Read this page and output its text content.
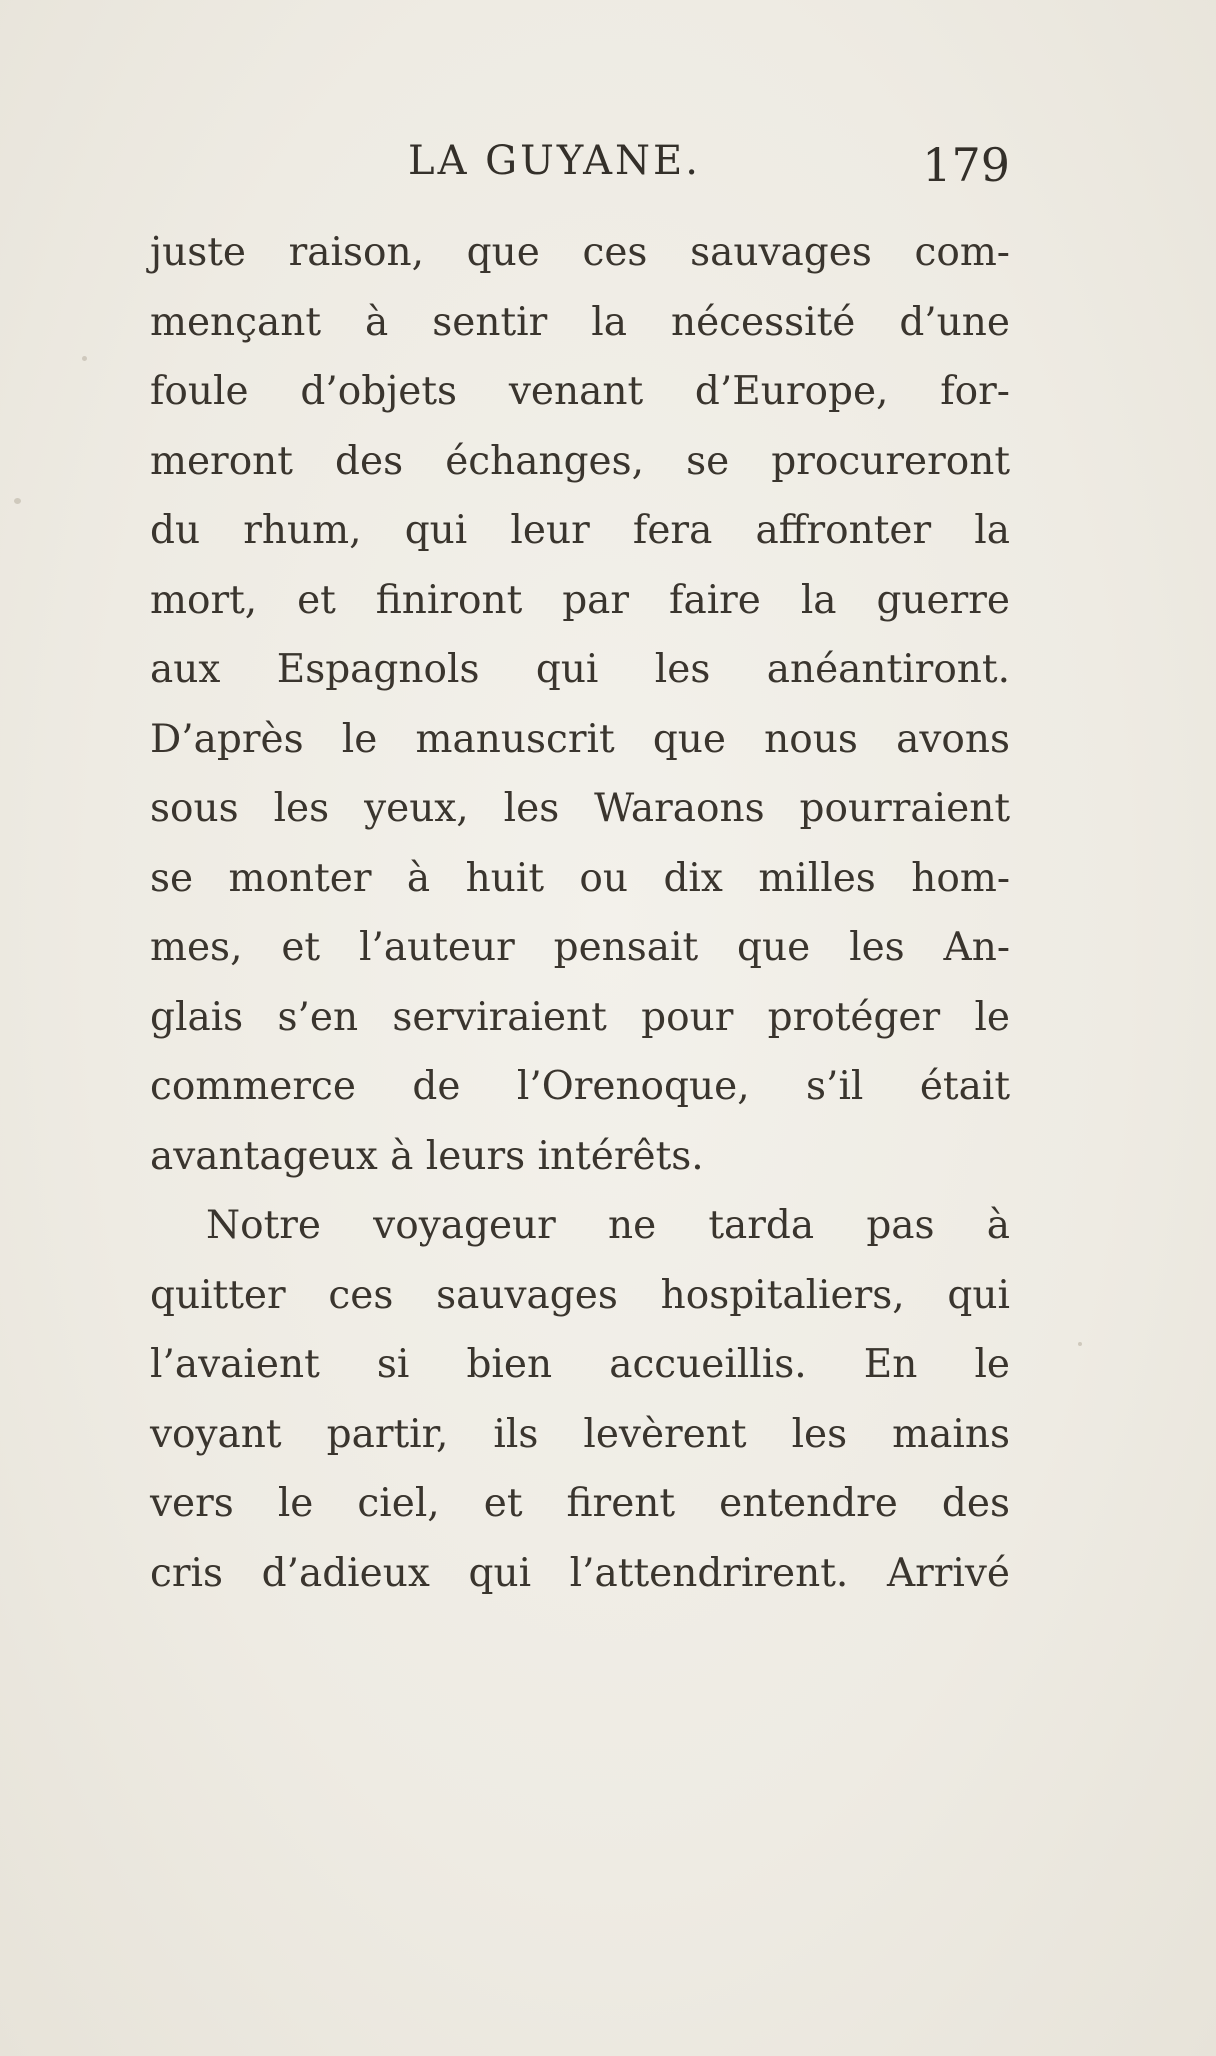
LA GUYANE.	179
juste raison, que ces sauvages com-
mençant à sentir la nécessité d’une
foule d’objets venant d’Europe, for-
meront des échanges, se procureront
du rhum, qui leur fera affronter la
mort, et finiront par faire la guerre
aux Espagnols qui les anéantiront.
D’après le manuscrit que nous avons
sous les yeux, les Waraons pourraient
se monter à huit ou dix milles hom-
mes, et l’auteur pensait que les An-
glais s’en serviraient pour protéger le
commerce de l’Orenoque, s’il était
avantageux à leurs intérêts.
Notre voyageur ne tarda pas à
quitter ces sauvages hospitaliers, qui
l’avaient si bien accueillis. En le
voyant partir, ils levèrent les mains
vers le ciel, et firent entendre des
cris d’adieux qui l’attendrirent. Arrivé
